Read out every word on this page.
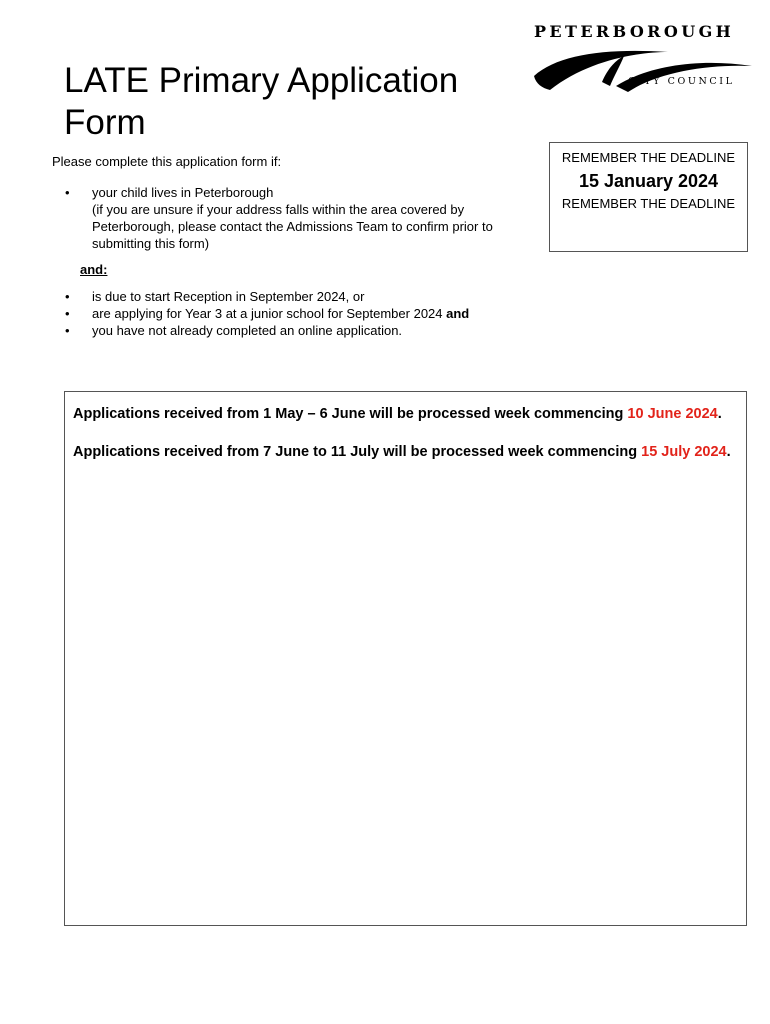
PETERBOROUGH
CITY COUNCIL
LATE Primary Application Form
Please complete this application form if:
• your child lives in Peterborough
(if you are unsure if your address falls within the area covered by Peterborough, please contact the Admissions Team to confirm prior to submitting this form)
and:
• is due to start Reception in September 2024, or
• are applying for Year 3 at a junior school for September 2024 and
• you have not already completed an online application.
REMEMBER THE DEADLINE
15 January 2024
REMEMBER THE DEADLINE

Applications received from 1 May – 6 June will be processed week commencing 10 June 2024.

Applications received from 7 June to 11 July will be processed week commencing 15 July 2024.
